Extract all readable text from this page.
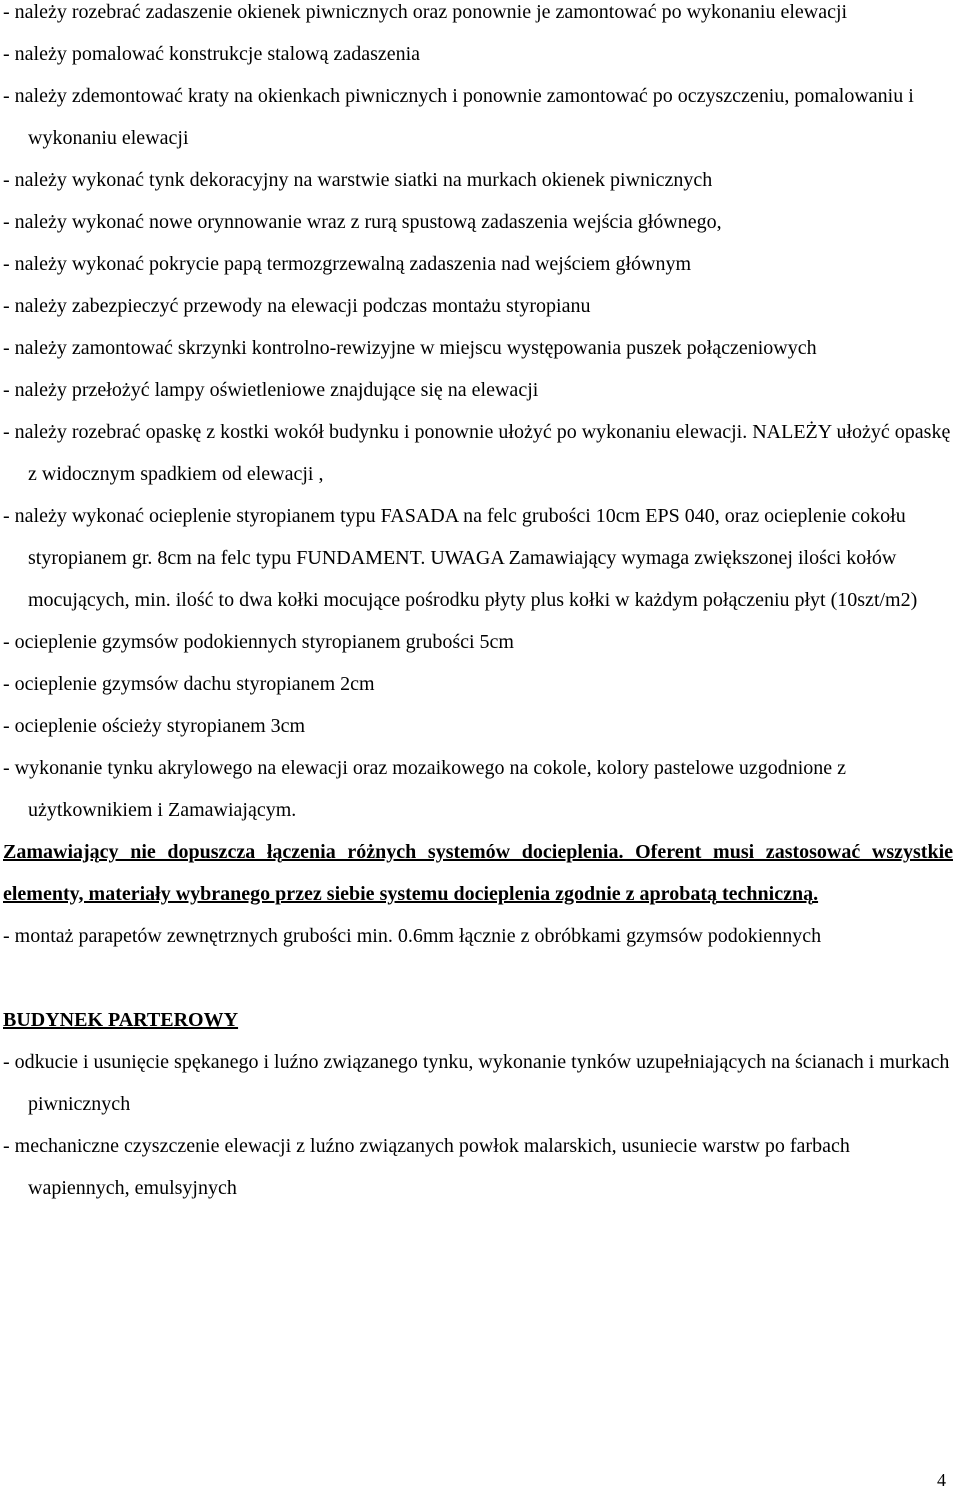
- należy rozebrać zadaszenie okienek piwnicznych oraz ponownie je zamontować po wykonaniu elewacji

- należy pomalować konstrukcje stalową zadaszenia

- należy zdemontować kraty na okienkach piwnicznych i ponownie zamontować po oczyszczeniu, pomalowaniu i wykonaniu elewacji

- należy wykonać tynk dekoracyjny na warstwie siatki na murkach okienek piwnicznych

- należy wykonać nowe orynnowanie wraz z rurą spustową zadaszenia wejścia głównego,

- należy wykonać pokrycie papą termozgrzewalną zadaszenia nad wejściem głównym

- należy zabezpieczyć przewody na elewacji podczas montażu styropianu

- należy zamontować skrzynki kontrolno-rewizyjne w miejscu występowania puszek połączeniowych

- należy przełożyć lampy oświetleniowe znajdujące się na elewacji

- należy rozebrać opaskę z kostki wokół budynku i ponownie ułożyć po wykonaniu elewacji. NALEŻY ułożyć opaskę z widocznym spadkiem od elewacji ,

- należy wykonać ocieplenie styropianem typu FASADA na felc grubości 10cm EPS 040, oraz ocieplenie cokołu styropianem gr. 8cm na felc typu FUNDAMENT. UWAGA Zamawiający wymaga zwiększonej ilości kołów mocujących, min. ilość to dwa kołki mocujące pośrodku płyty plus kołki w każdym połączeniu płyt (10szt/m2)

- ocieplenie gzymsów podokiennych styropianem grubości 5cm

- ocieplenie gzymsów dachu styropianem 2cm

- ocieplenie ościeży styropianem 3cm

- wykonanie tynku akrylowego na elewacji oraz mozaikowego na cokole, kolory pastelowe uzgodnione z użytkownikiem i Zamawiającym.

Zamawiający nie dopuszcza łączenia różnych systemów docieplenia. Oferent musi zastosować wszystkie elementy, materiały wybranego przez siebie systemu docieplenia zgodnie z aprobatą techniczną.

- montaż parapetów zewnętrznych grubości min. 0.6mm łącznie z obróbkami gzymsów podokiennych

BUDYNEK PARTEROWY

- odkucie i usunięcie spękanego i luźno związanego tynku, wykonanie tynków uzupełniających na ścianach i murkach piwnicznych

- mechaniczne czyszczenie elewacji z luźno związanych powłok malarskich, usuniecie warstw po farbach wapiennych, emulsyjnych

4
